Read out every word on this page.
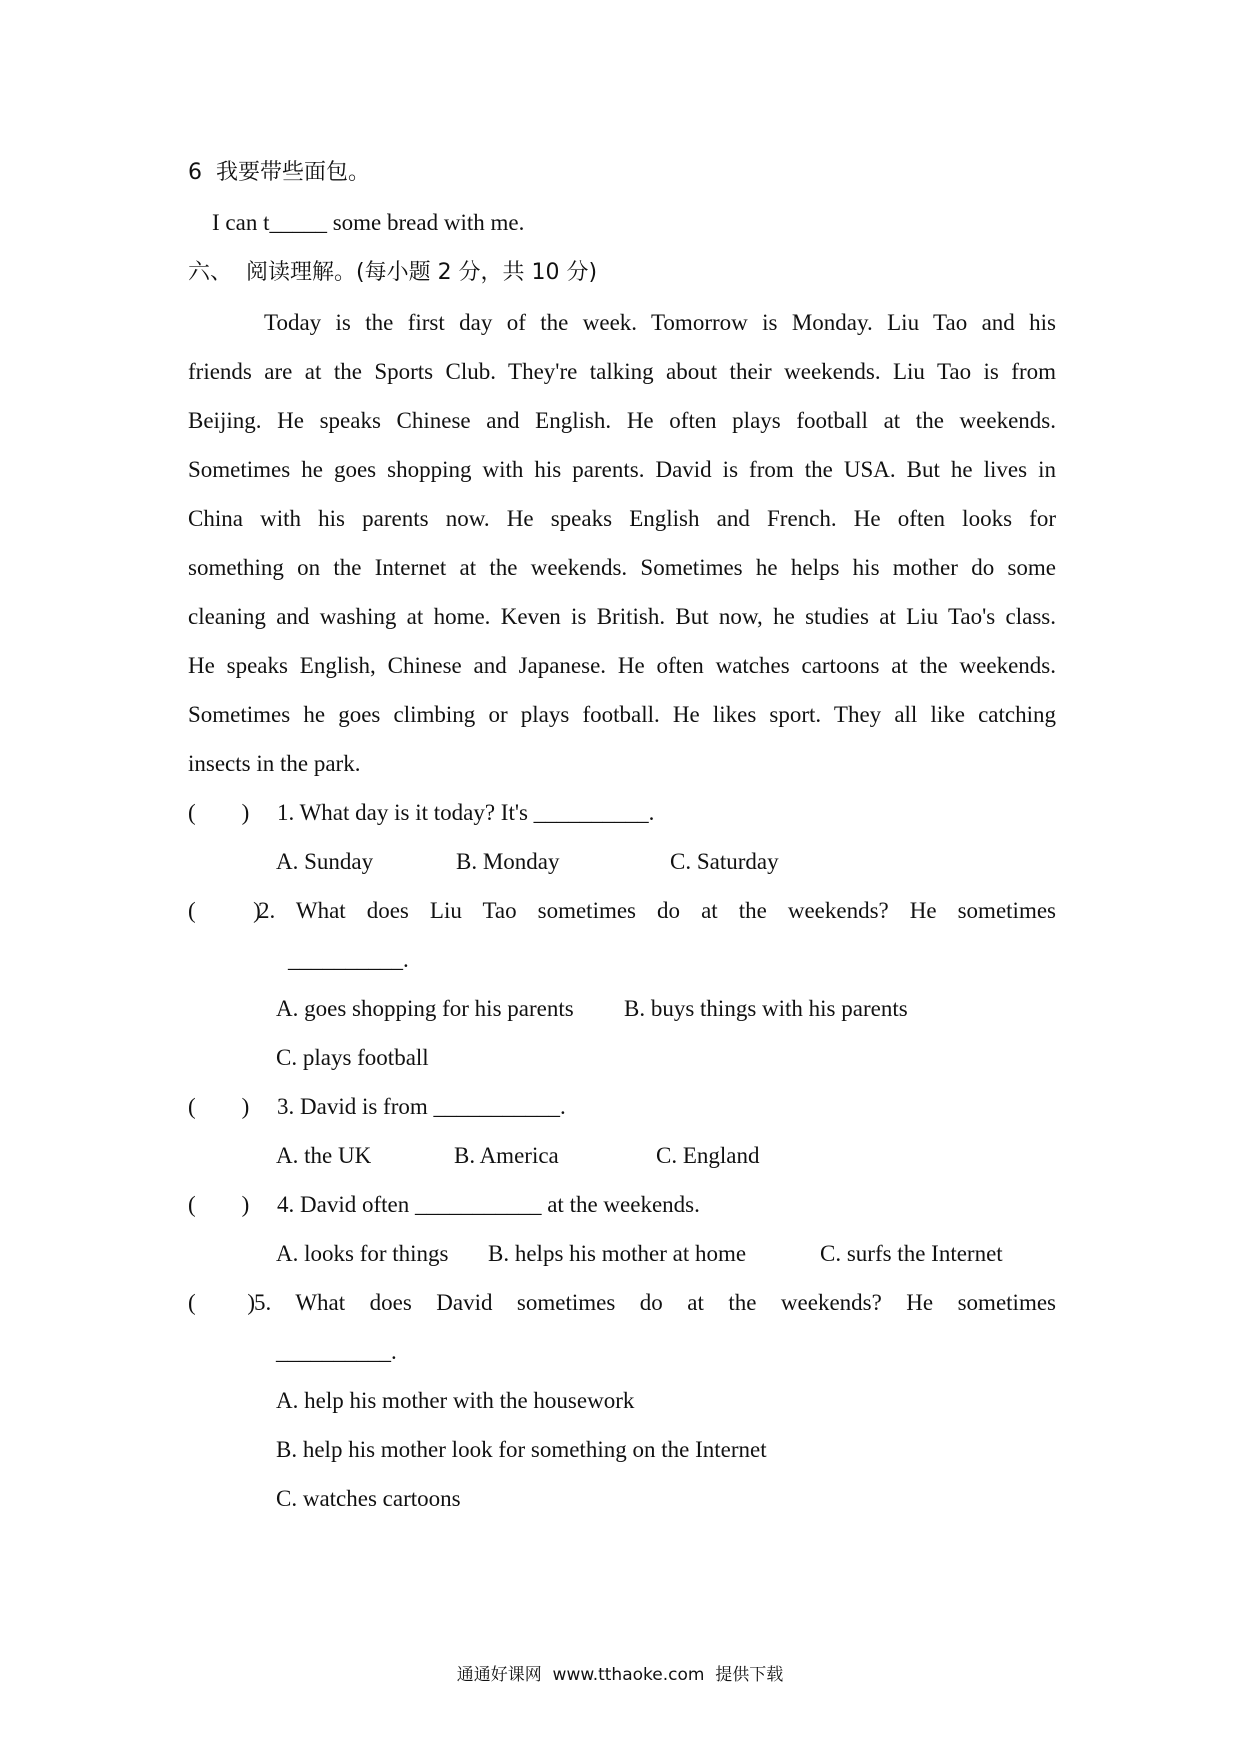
6  我要带些面包。
I can t_____ some bread with me.
六、  阅读理解。(每小题 2 分，共 10 分)
Today is the first day of the week. Tomorrow is Monday. Liu Tao and his
friends are at the Sports Club. They're talking about their weekends. Liu Tao is from
Beijing. He speaks Chinese and English. He often plays football at the weekends.
Sometimes he goes shopping with his parents. David is from the USA. But he lives in
China with his parents now. He speaks English and French. He often looks for
something on the Internet at the weekends. Sometimes he helps his mother do some
cleaning and washing at home. Keven is British. But now, he studies at Liu Tao's class.
He speaks English, Chinese and Japanese. He often watches cartoons at the weekends.
Sometimes he goes climbing or plays football. He likes sport. They all like catching
insects in the park.
(        ) 1. What day is it today? It's __________.
A. Sunday	B. Monday	C. Saturday
(          )
2. What does Liu Tao sometimes do at the weekends? He sometimes
__________.
A. goes shopping for his parents B. buys things with his parents
C. plays football
(        ) 3. David is from ___________.
A. the UK	B. America	C. England
(        ) 4. David often ___________ at the weekends.
A. looks for things B. helps his mother at home	C. surfs the Internet
(         )
5. What does David sometimes do at the weekends? He sometimes
__________.
A. help his mother with the housework
B. help his mother look for something on the Internet
C. watches cartoons
通通好课网  www.tthaoke.com  提供下载
